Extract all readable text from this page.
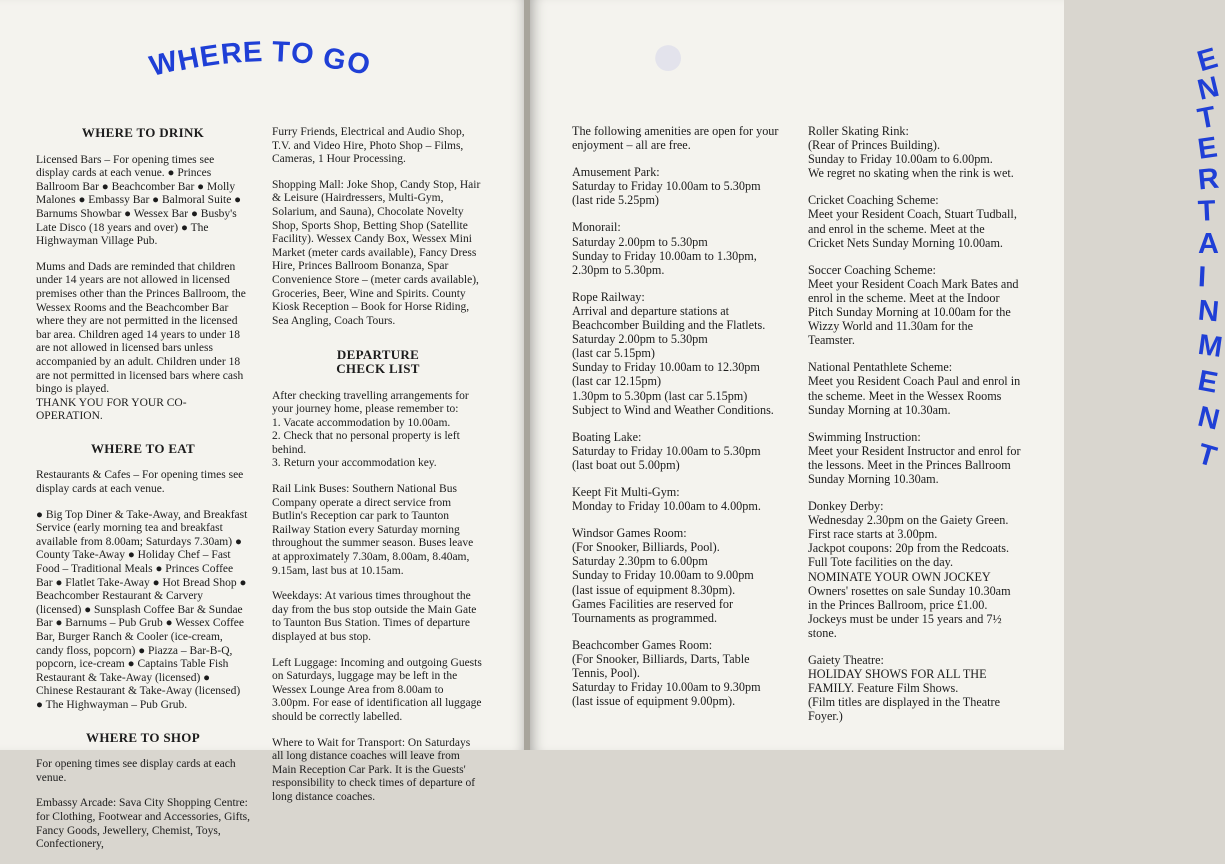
WHERE TO GO
WHERE TO DRINK

Licensed Bars – For opening times see display cards at each venue. ● Princes Ballroom Bar ● Beachcomber Bar ● Molly Malones ● Embassy Bar ● Balmoral Suite ● Barnums Showbar ● Wessex Bar ● Busby's Late Disco (18 years and over) ● The Highwayman Village Pub.

Mums and Dads are reminded that children under 14 years are not allowed in licensed premises other than the Princes Ballroom, the Wessex Rooms and the Beachcomber Bar where they are not permitted in the licensed bar area. Children aged 14 years to under 18 are not allowed in licensed bars unless accompanied by an adult. Children under 18 are not permitted in licensed bars where cash bingo is played.

THANK YOU FOR YOUR CO-OPERATION.

WHERE TO EAT

Restaurants & Cafes – For opening times see display cards at each venue.

● Big Top Diner & Take-Away, and Breakfast Service (early morning tea and breakfast available from 8.00am; Saturdays 7.30am) ● County Take-Away ● Holiday Chef – Fast Food – Traditional Meals ● Princes Coffee Bar ● Flatlet Take-Away ● Hot Bread Shop ● Beachcomber Restaurant & Carvery (licensed) ● Sunsplash Coffee Bar & Sundae Bar ● Barnums – Pub Grub ● Wessex Coffee Bar, Burger Ranch & Cooler (ice-cream, candy floss, popcorn) ● Piazza – Bar-B-Q, popcorn, ice-cream ● Captains Table Fish Restaurant & Take-Away (licensed) ● Chinese Restaurant & Take-Away (licensed) ● The Highwayman – Pub Grub.

WHERE TO SHOP

For opening times see display cards at each venue.

Embassy Arcade: Sava City Shopping Centre: for Clothing, Footwear and Accessories, Gifts, Fancy Goods, Jewellery, Chemist, Toys, Confectionery,

Furry Friends, Electrical and Audio Shop, T.V. and Video Hire, Photo Shop – Films, Cameras, 1 Hour Processing.

Shopping Mall: Joke Shop, Candy Stop, Hair & Leisure (Hairdressers, Multi-Gym, Solarium, and Sauna), Chocolate Novelty Shop, Sports Shop, Betting Shop (Satellite Facility). Wessex Candy Box, Wessex Mini Market (meter cards available), Fancy Dress Hire, Princes Ballroom Bonanza, Spar Convenience Store – (meter cards available), Groceries, Beer, Wine and Spirits. County Kiosk Reception – Book for Horse Riding, Sea Angling, Coach Tours.

DEPARTURE
CHECK LIST

After checking travelling arrangements for your journey home, please remember to:

1. Vacate accommodation by 10.00am.
2. Check that no personal property is left behind.
3. Return your accommodation key.

Rail Link Buses: Southern National Bus Company operate a direct service from Butlin's Reception car park to Taunton Railway Station every Saturday morning throughout the summer season. Buses leave at approximately 7.30am, 8.00am, 8.40am, 9.15am, last bus at 10.15am.

Weekdays: At various times throughout the day from the bus stop outside the Main Gate to Taunton Bus Station. Times of departure displayed at bus stop.

Left Luggage: Incoming and outgoing Guests on Saturdays, luggage may be left in the Wessex Lounge Area from 8.00am to 3.00pm. For ease of identification all luggage should be correctly labelled.

Where to Wait for Transport: On Saturdays all long distance coaches will leave from Main Reception Car Park. It is the Guests' responsibility to check times of departure of long distance coaches.

●	ENTERTAINMENT

The following amenities are open for your
enjoyment – all are free.

Amusement Park:
Saturday to Friday 10.00am to 5.30pm
(last ride 5.25pm)

Monorail:
Saturday 2.00pm to 5.30pm
Sunday to Friday 10.00am to 1.30pm,
2.30pm to 5.30pm.

Rope Railway:
Arrival and departure stations at
Beachcomber Building and the Flatlets.
Saturday 2.00pm to 5.30pm
(last car 5.15pm)
Sunday to Friday 10.00am to 12.30pm
(last car 12.15pm)
1.30pm to 5.30pm (last car 5.15pm)
Subject to Wind and Weather Conditions.

Boating Lake:
Saturday to Friday 10.00am to 5.30pm
(last boat out 5.00pm)

Keept Fit Multi-Gym:
Monday to Friday 10.00am to 4.00pm.

Windsor Games Room:
(For Snooker, Billiards, Pool).
Saturday 2.30pm to 6.00pm
Sunday to Friday 10.00am to 9.00pm
(last issue of equipment 8.30pm).
Games Facilities are reserved for
Tournaments as programmed.

Beachcomber Games Room:
(For Snooker, Billiards, Darts, Table
Tennis, Pool).
Saturday to Friday 10.00am to 9.30pm
(last issue of equipment 9.00pm).

Roller Skating Rink:
(Rear of Princes Building).
Sunday to Friday 10.00am to 6.00pm.
We regret no skating when the rink is wet.

Cricket Coaching Scheme:
Meet your Resident Coach, Stuart Tudball,
and enrol in the scheme. Meet at the
Cricket Nets Sunday Morning 10.00am.

Soccer Coaching Scheme:
Meet your Resident Coach Mark Bates and
enrol in the scheme. Meet at the Indoor
Pitch Sunday Morning at 10.00am for the
Wizzy World and 11.30am for the
Teamster.

National Pentathlete Scheme:
Meet you Resident Coach Paul and enrol in
the scheme. Meet in the Wessex Rooms
Sunday Morning at 10.30am.

Swimming Instruction:
Meet your Resident Instructor and enrol for
the lessons. Meet in the Princes Ballroom
Sunday Morning 10.30am.

Donkey Derby:
Wednesday 2.30pm on the Gaiety Green.
First race starts at 3.00pm.
Jackpot coupons: 20p from the Redcoats.
Full Tote facilities on the day.
NOMINATE YOUR OWN JOCKEY
Owners' rosettes on sale Sunday 10.30am
in the Princes Ballroom, price £1.00.
Jockeys must be under 15 years and 7½
stone.

Gaiety Theatre:
HOLIDAY SHOWS FOR ALL THE
FAMILY. Feature Film Shows.
(Film titles are displayed in the Theatre
Foyer.)
